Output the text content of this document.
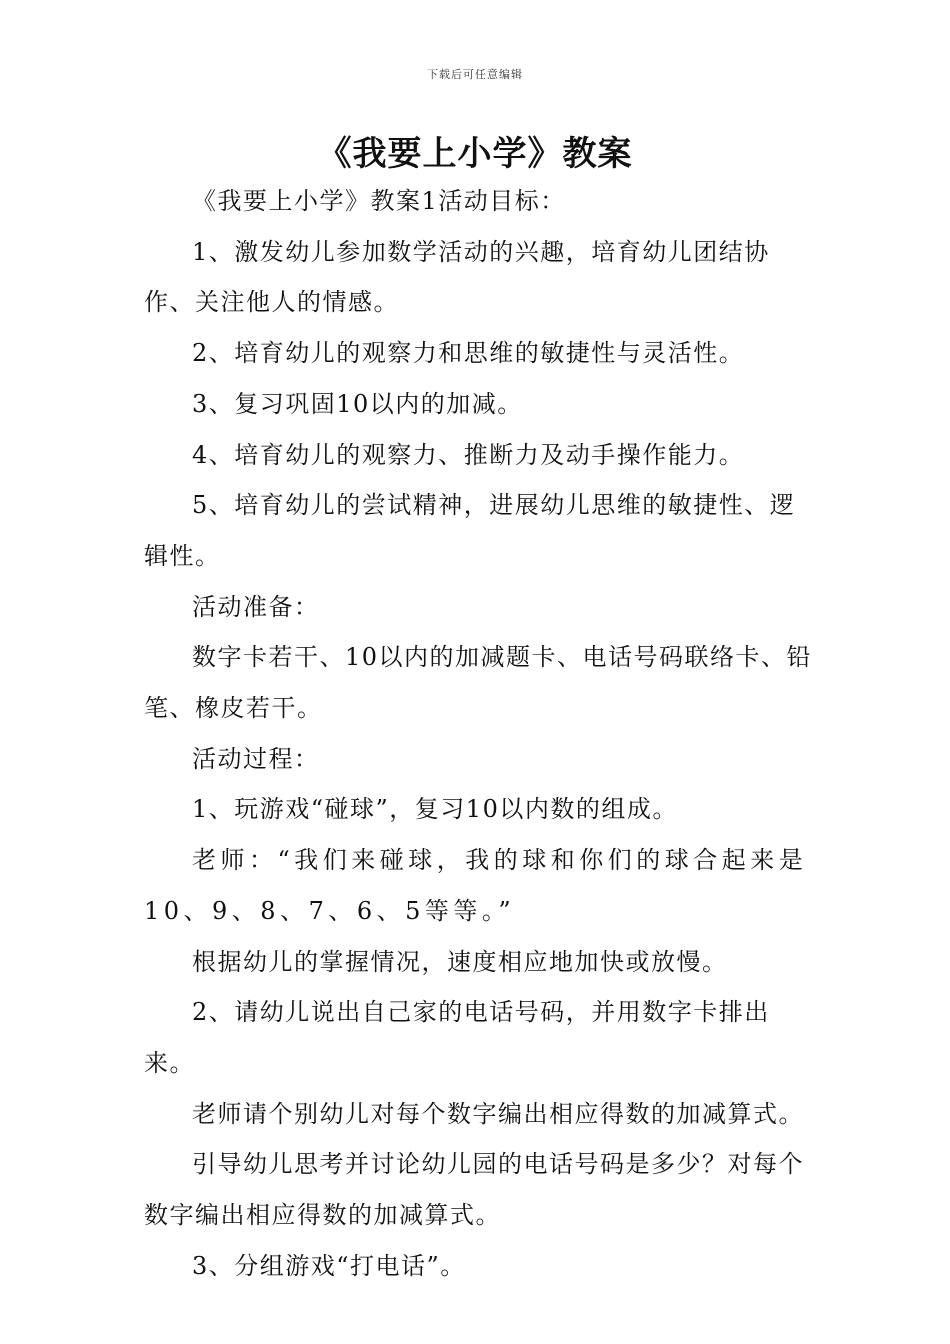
下载后可任意编辑
《我要上小学》教案

《我要上小学》教案1活动目标：

1、激发幼儿参加数学活动的兴趣，培育幼儿团结协作、关注他人的情感。

2、培育幼儿的观察力和思维的敏捷性与灵活性。

3、复习巩固10以内的加减。

4、培育幼儿的观察力、推断力及动手操作能力。

5、培育幼儿的尝试精神，进展幼儿思维的敏捷性、逻辑性。

活动准备：

数字卡若干、10以内的加减题卡、电话号码联络卡、铅笔、橡皮若干。

活动过程：

1、玩游戏“碰球”，复习10以内数的组成。

老师：“我们来碰球，我的球和你们的球合起来是10、9、8、7、6、5等等。”

根据幼儿的掌握情况，速度相应地加快或放慢。

2、请幼儿说出自己家的电话号码，并用数字卡排出来。

老师请个别幼儿对每个数字编出相应得数的加减算式。

引导幼儿思考并讨论幼儿园的电话号码是多少？对每个数字编出相应得数的加减算式。

3、分组游戏“打电话”。
